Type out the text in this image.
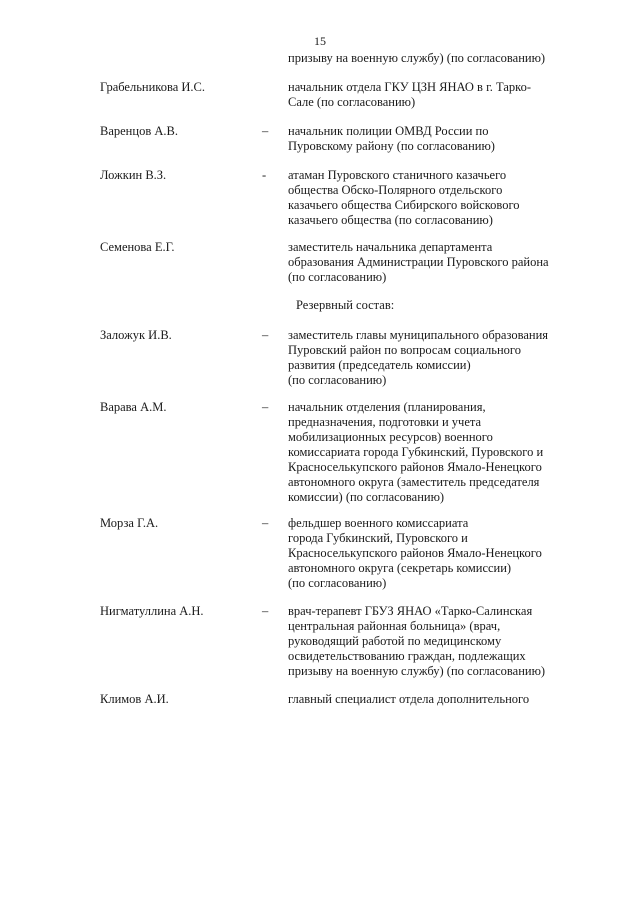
15
призыву на военную службу) (по согласованию)
Грабельникова И.С.	начальник отдела ГКУ ЦЗН ЯНАО в г. Тарко-
Сале (по согласованию)
Варенцов А.В.	– начальник полиции ОМВД России по
Пуровскому району (по согласованию)
Ложкин В.З.	- атаман Пуровского станичного казачьего
общества Обско-Полярного отдельского
казачьего общества Сибирского войскового
казачьего общества (по согласованию)
Семенова Е.Г.	заместитель начальника департамента
образования Администрации Пуровского района
(по согласованию)
Резервный состав:
Заложук И.В.	– заместитель главы муниципального образования
Пуровский район по вопросам социального
развития (председатель комиссии)
(по согласованию)
Варава А.М.	– начальник отделения (планирования,
предназначения, подготовки и учета
мобилизационных ресурсов) военного
комиссариата города Губкинский, Пуровского и
Красноселькупского районов Ямало-Ненецкого
автономного округа (заместитель председателя
комиссии) (по согласованию)
Морза Г.А.	– фельдшер военного комиссариата
города Губкинский, Пуровского и
Красноселькупского районов Ямало-Ненецкого
автономного округа (секретарь комиссии)
(по согласованию)
Нигматуллина А.Н.	– врач-терапевт ГБУЗ ЯНАО «Тарко-Салинская
центральная районная больница» (врач,
руководящий работой по медицинскому
освидетельствованию граждан, подлежащих
призыву на военную службу) (по согласованию)
Климов А.И.	главный специалист отдела дополнительного
